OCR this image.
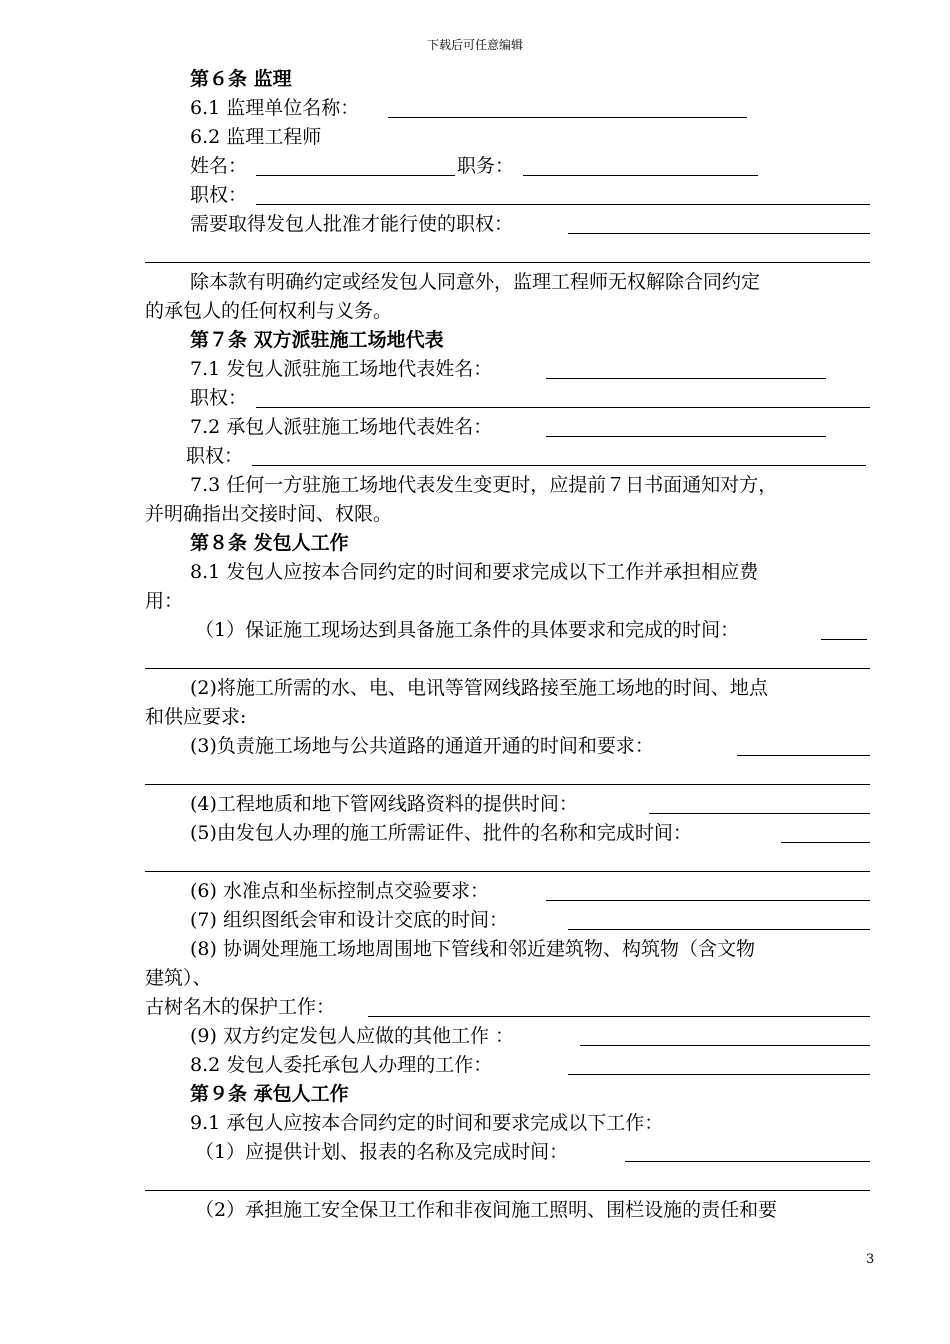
下载后可任意编辑
第６条 监理
6.1 监理单位名称：
6.2 监理工程师
姓名：	职务：
职权：
需要取得发包人批准才能行使的职权：
除本款有明确约定或经发包人同意外，监理工程师无权解除合同约定
的承包人的任何权利与义务。
第７条 双方派驻施工场地代表
7.1 发包人派驻施工场地代表姓名：
职权：
7.2 承包人派驻施工场地代表姓名：
职权：
7.3 任何一方驻施工场地代表发生变更时，应提前７日书面通知对方，
并明确指出交接时间、权限。
第８条 发包人工作
8.1 发包人应按本合同约定的时间和要求完成以下工作并承担相应费
用：
（1）保证施工现场达到具备施工条件的具体要求和完成的时间：
(2)将施工所需的水、电、电讯等管网线路接至施工场地的时间、地点
和供应要求:
(3)负责施工场地与公共道路的通道开通的时间和要求：
(4)工程地质和地下管网线路资料的提供时间：
(5)由发包人办理的施工所需证件、批件的名称和完成时间：
(6) 水准点和坐标控制点交验要求：
(7) 组织图纸会审和设计交底的时间：
(8) 协调处理施工场地周围地下管线和邻近建筑物、构筑物（含文物
建筑）、
古树名木的保护工作：
(9) 双方约定发包人应做的其他工作 ：
8.2 发包人委托承包人办理的工作：
第９条 承包人工作
9.1 承包人应按本合同约定的时间和要求完成以下工作：
（1）应提供计划、报表的名称及完成时间：
（2）承担施工安全保卫工作和非夜间施工照明、围栏设施的责任和要
3
